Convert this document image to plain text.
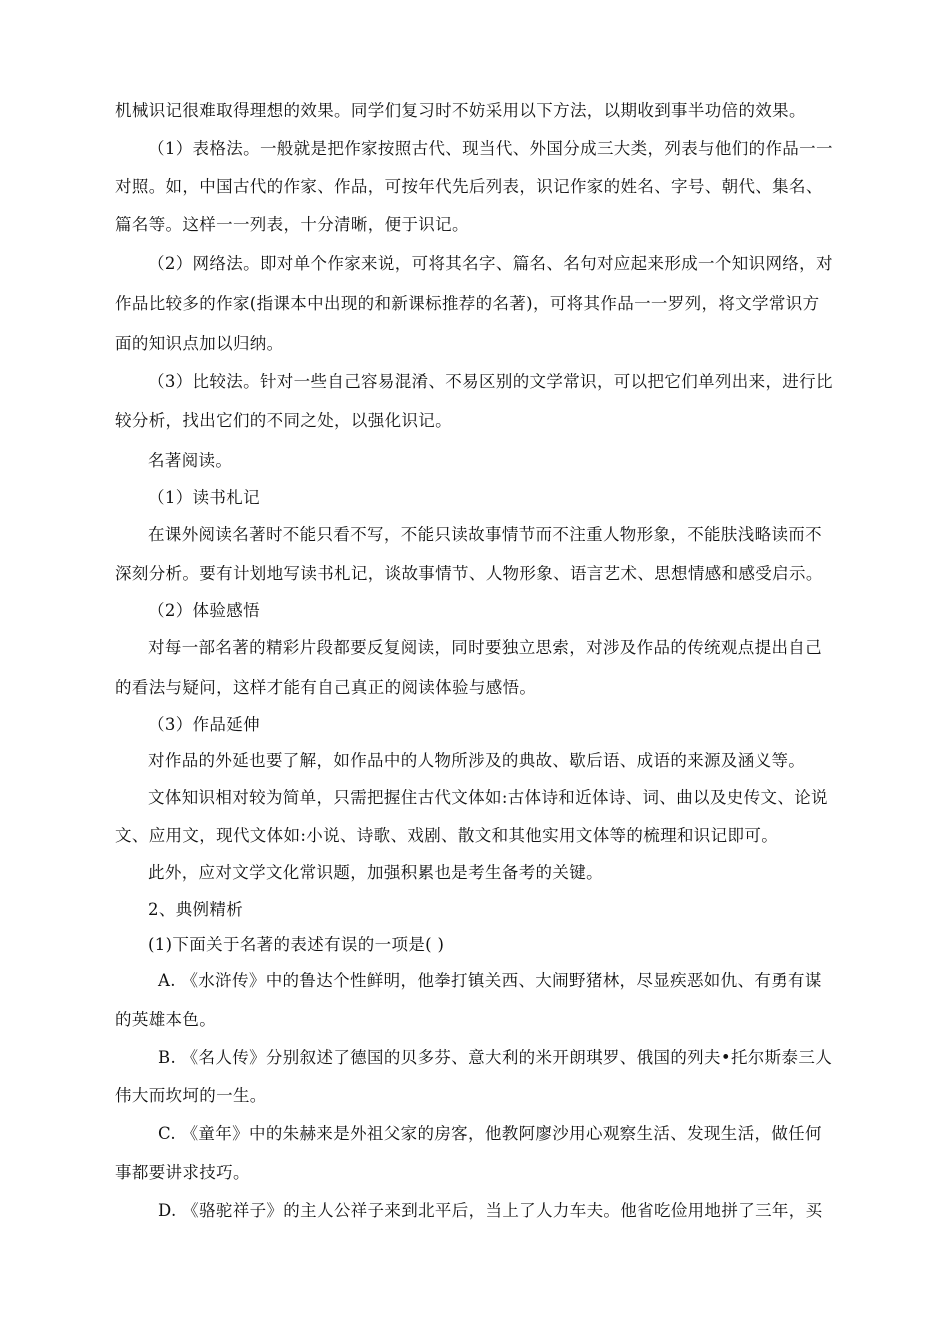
机械识记很难取得理想的效果。同学们复习时不妨采用以下方法，以期收到事半功倍的效果。
（1）表格法。一般就是把作家按照古代、现当代、外国分成三大类，列表与他们的作品一一
对照。如，中国古代的作家、作品，可按年代先后列表，识记作家的姓名、字号、朝代、集名、
篇名等。这样一一列表，十分清晰，便于识记。
（2）网络法。即对单个作家来说，可将其名字、篇名、名句对应起来形成一个知识网络，对
作品比较多的作家(指课本中出现的和新课标推荐的名著)，可将其作品一一罗列，将文学常识方
面的知识点加以归纳。
（3）比较法。针对一些自己容易混淆、不易区别的文学常识，可以把它们单列出来，进行比
较分析，找出它们的不同之处，以强化识记。
名著阅读。
（1）读书札记
在课外阅读名著时不能只看不写，不能只读故事情节而不注重人物形象，不能肤浅略读而不
深刻分析。要有计划地写读书札记，谈故事情节、人物形象、语言艺术、思想情感和感受启示。
（2）体验感悟
对每一部名著的精彩片段都要反复阅读，同时要独立思索，对涉及作品的传统观点提出自己
的看法与疑问，这样才能有自己真正的阅读体验与感悟。
（3）作品延伸
对作品的外延也要了解，如作品中的人物所涉及的典故、歇后语、成语的来源及涵义等。
文体知识相对较为简单，只需把握住古代文体如:古体诗和近体诗、词、曲以及史传文、论说
文、应用文，现代文体如:小说、诗歌、戏剧、散文和其他实用文体等的梳理和识记即可。
此外，应对文学文化常识题，加强积累也是考生备考的关键。
2、典例精析
(1)下面关于名著的表述有误的一项是( )
A. 《水浒传》中的鲁达个性鲜明，他拳打镇关西、大闹野猪林，尽显疾恶如仇、有勇有谋
的英雄本色。
B. 《名人传》分别叙述了德国的贝多芬、意大利的米开朗琪罗、俄国的列夫•托尔斯泰三人
伟大而坎坷的一生。
C. 《童年》中的朱赫来是外祖父家的房客，他教阿廖沙用心观察生活、发现生活，做任何
事都要讲求技巧。
D. 《骆驼祥子》的主人公祥子来到北平后，当上了人力车夫。他省吃俭用地拼了三年，买
